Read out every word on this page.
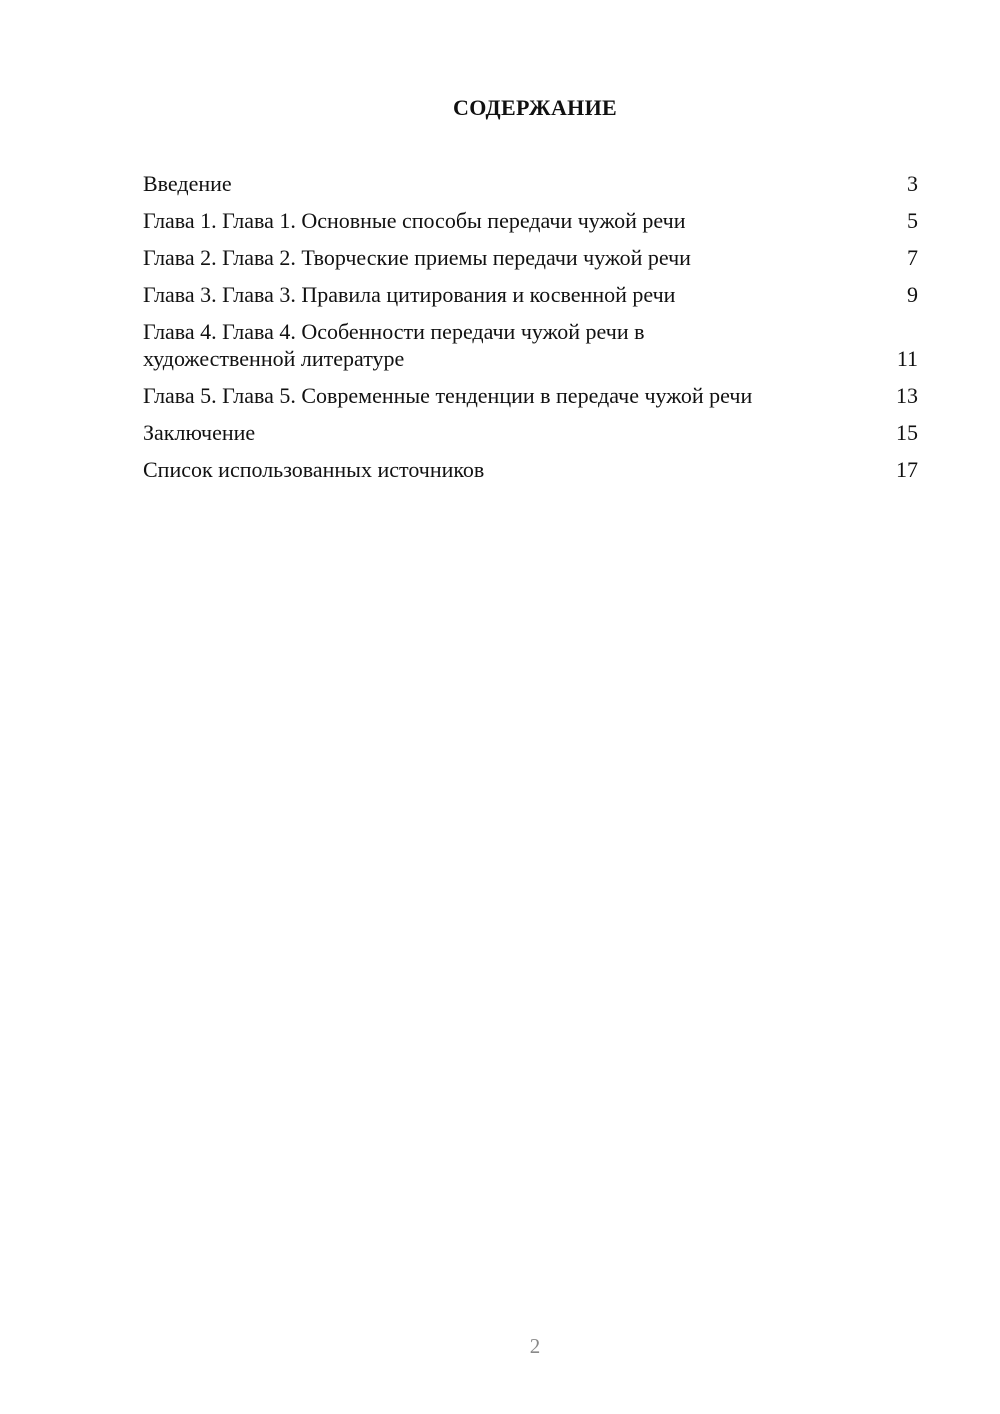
СОДЕРЖАНИЕ
Введение	3
Глава 1. Глава 1. Основные способы передачи чужой речи	5
Глава 2. Глава 2. Творческие приемы передачи чужой речи	7
Глава 3. Глава 3. Правила цитирования и косвенной речи	9
Глава 4. Глава 4. Особенности передачи чужой речи в художественной литературе	11
Глава 5. Глава 5. Современные тенденции в передаче чужой речи	13
Заключение	15
Список использованных источников	17
2
